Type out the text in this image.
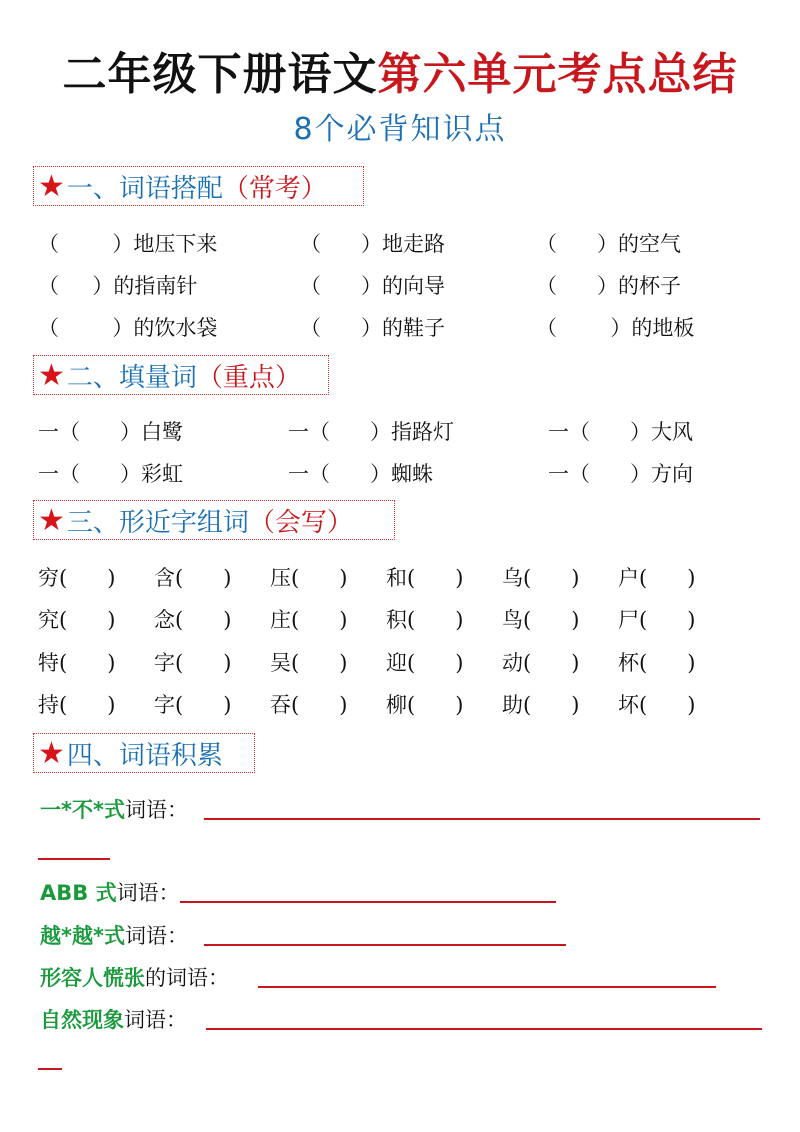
二年级下册语文第六单元考点总结
8个必背知识点
★ 一、词语搭配 （常考）
（        ）地压下来	（      ）地走路	（      ）的空气
（     ）的指南针	（      ）的向导	（      ）的杯子
（        ）的饮水袋	（      ）的鞋子	（        ）的地板
★ 二、填量词 （重点）
一（      ）白鹭	一（      ）指路灯	一（      ）大风
一（      ）彩虹	一（      ）蜘蛛	一（      ）方向
★ 三、形近字组词 （会写）
穷(      ) 含(      ) 压(      ) 和(      ) 乌(      ) 户(      )
究(      ) 念(      ) 庄(      ) 积(      ) 鸟(      ) 尸(      )
特(      ) 字(      ) 吴(      ) 迎(      ) 动(      ) 杯(      )
持(      ) 字(      ) 吞(      ) 柳(      ) 助(      ) 坏(      )
★ 四、词语积累
一*不*式词语：
ABB 式词语：
越*越*式词语：
形容人慌张的词语：
自然现象词语：
